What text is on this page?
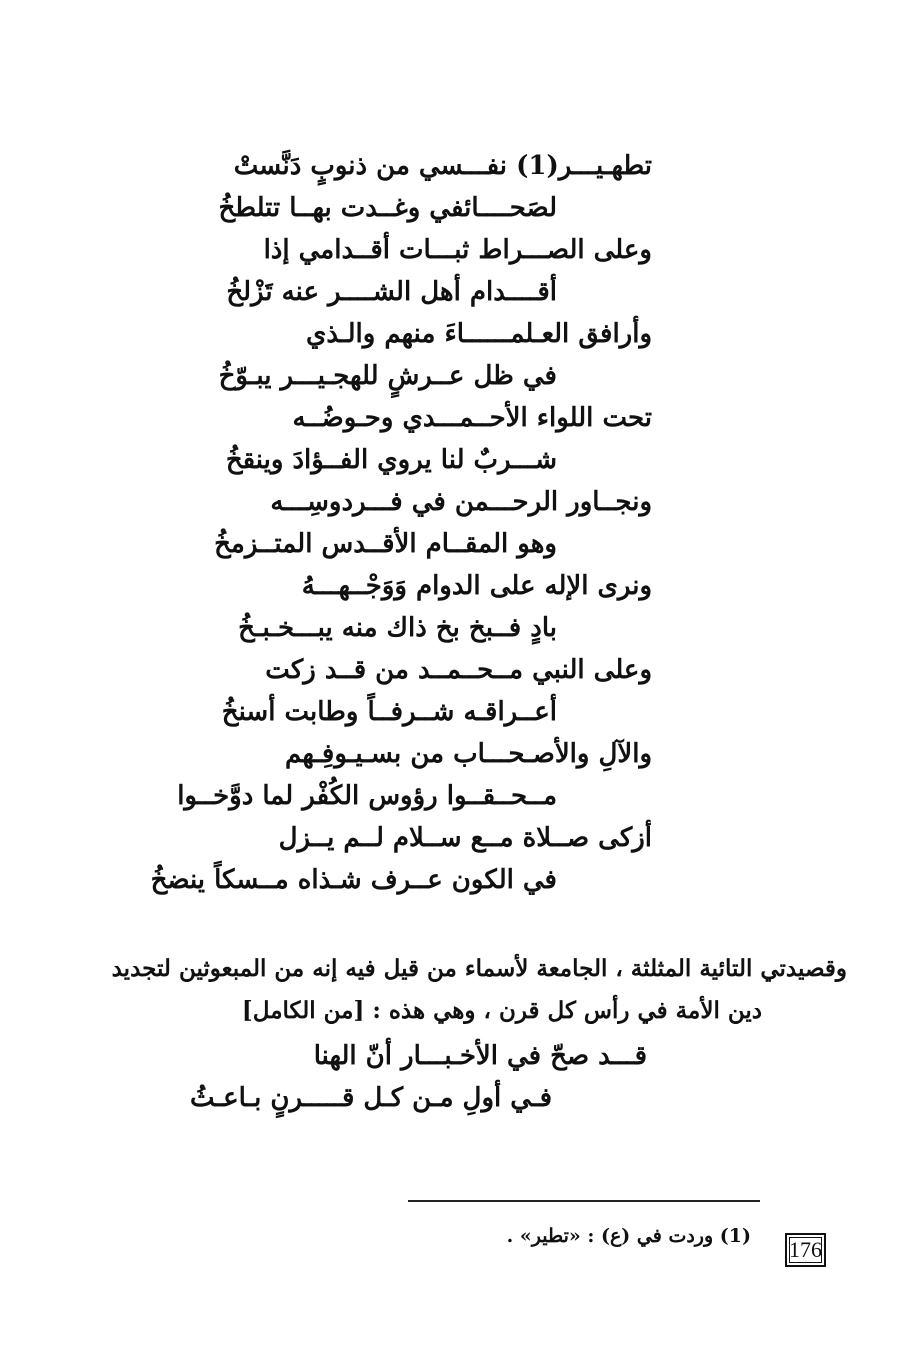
تطهـيـــر(1) نفـــسي من ذنوبٍ دَنَّستْ
لصَحــــائفي وغــدت بهــا تتلطخُ
وعلى الصـــراط ثبـــات أقــدامي إذا
أقــــدام أهل الشــــر عنه تَزْلخُ
وأرافق العـلمــــــاءَ منهم والـذي
في ظل عــرشٍ للهجـيـــر يبـوّخُ
تحت اللواء الأحــمـــدي وحـوضُــه
شـــربٌ لنا يروي الفــؤادَ وينقخُ
ونجــاور الرحـــمن في فـــردوسِـــه
وهو المقــام الأقــدس المتــزمخُ
ونرى الإله على الدوام وَوَجْــهـــهُ
بادٍ فــبخ بخ ذاك منه يبـــخـبـخُ
وعلى النبي مــحــمــد من قــد زكت
أعــراقـه شــرفــاً وطابت أسنخُ
والآلِ والأصـحـــاب من بسـيـوفِـهم
مــحــقــوا رؤوس الكُفْر لما دوَّخــوا
أزكى صــلاة مــع ســلام لــم يــزل
في الكون عــرف شـذاه مــسكاً ينضخُ
وقصيدتي التائية المثلثة ، الجامعة لأسماء من قيل فيه إنه من المبعوثين لتجديد
دين الأمة في رأس كل قرن ، وهي هذه : [من الكامل]
قـــد صحّ في الأخـبـــار أنّ الهنا
فـي أولِ مـن كـل قـــــرنٍ بـاعـثُ
(1) وردت في (ع) : «تطير» .
176
